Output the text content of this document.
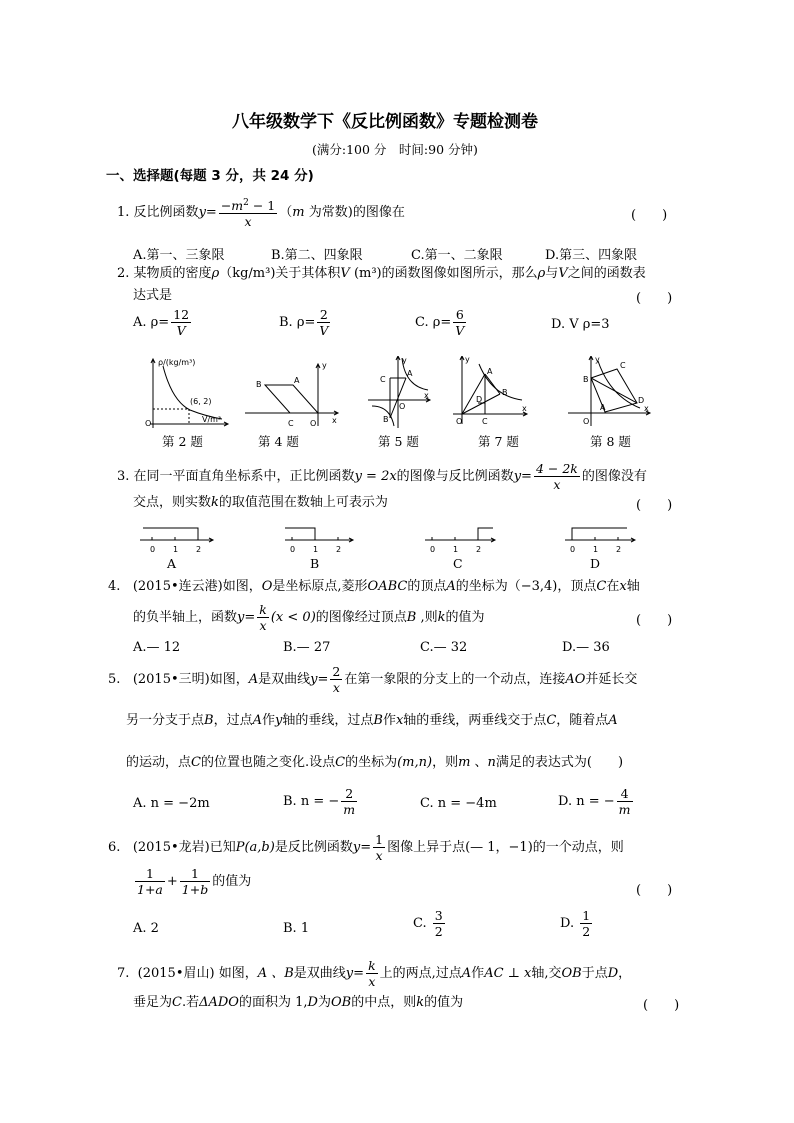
八年级数学下《反比例函数》专题检测卷
(满分:100 分　时间:90 分钟)
一、选择题(每题 3 分，共 24 分)
1. 反比例函数$y= \frac{-m^2 - 1}{x} (m$ 为常数)的图像在	(　　)
A.第一、三象限	B.第二、四象限	C.第一、二象限	D.第三、四象限
2. 某物质的密度ρ（kg/m³)关于其体积V (m³)的函数图像如图所示，那么ρ与V之间的函数表
达式是	(　　)
A. $\rho= \frac{12}{V}$	B. $\rho= \frac{2}{V}$	C. $\rho= \frac{6}{V}$	D. V ρ=3
ρ/(kg/m³)
V/m³
(6, 2)
O
B	A
C O
y
x
C
A
B
O
y
x
A
B
D
C
O
y
x
B
C
A
D
O
y
x
第 2 题	第 4 题	第 5 题	第 7 题	第 8 题
3. 在同一平面直角坐标系中，正比例函数y = 2x的图像与反比例函数$y= \frac{4 - 2k}{x}$ 的图像没有
交点，则实数k的取值范围在数轴上可表示为	(　　)
0 1 2	0 1 2	0 1 2	0 1 2
A	B	C	D
4. (2015•连云港)如图，O是坐标原点,菱形OABC的顶点A的坐标为（−3,4)，顶点C在x轴
的负半轴上，函数$y= \frac{k}{x} (x < 0)$的图像经过顶点B ,则k的值为	(　　)
A.— 12	B.— 27	C.— 32	D.— 36
5. (2015•三明)如图，A是双曲线$y= \frac{2}{x}$ 在第一象限的分支上的一个动点，连接AO并延长交
另一分支于点B，过点A作y轴的垂线，过点B作x轴的垂线，两垂线交于点C，随着点A
的运动，点C的位置也随之变化.设点C的坐标为(m,n)，则m 、n满足的表达式为(　　)
A. n = −2m	B. n = − $\frac{2}{m}$	C. n = −4m	D. n = − $\frac{4}{m}$
6. (2015•龙岩)已知P(a,b)是反比例函数$y= \frac{1}{x}$ 图像上异于点(— 1，−1)的一个动点，则
$\frac{1}{1+a} + \frac{1}{1+b}$ 的值为
(　　)
A. 2	B. 1	C. $\frac{3}{2}$	D. $\frac{1}{2}$
7. (2015•眉山) 如图，A 、B是双曲线$y= \frac{k}{x}$ 上的两点,过点A作AC ⊥ x轴,交OB于点D，
垂足为C.若ΔADO的面积为 1,D为OB的中点，则k的值为	(　　)
